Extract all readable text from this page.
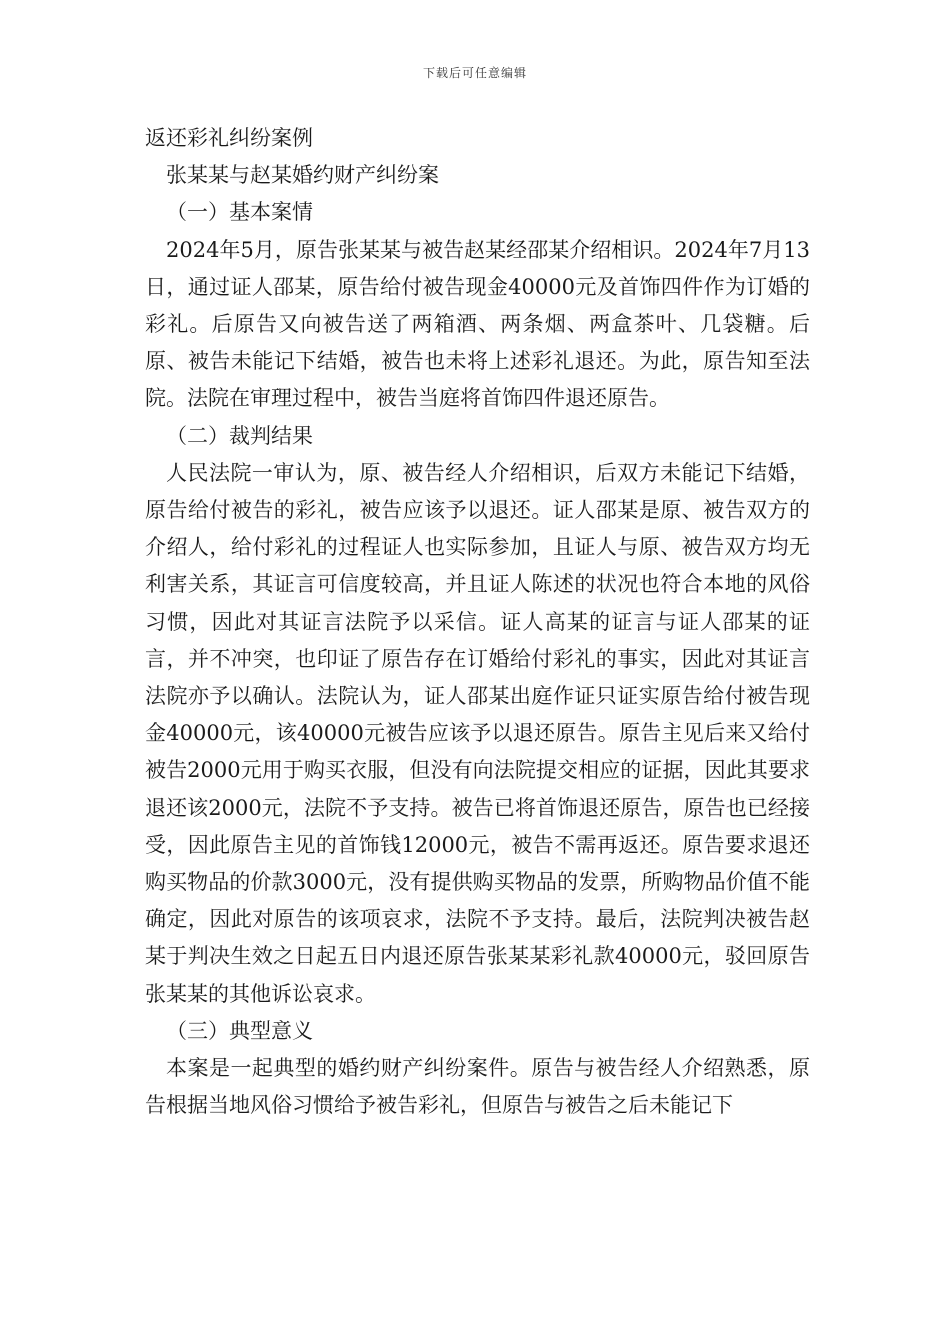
下载后可任意编辑

返还彩礼纠纷案例

张某某与赵某婚约财产纠纷案

（一）基本案情

2024年5月，原告张某某与被告赵某经邵某介绍相识。2024年7月13日，通过证人邵某，原告给付被告现金40000元及首饰四件作为订婚的彩礼。后原告又向被告送了两箱酒、两条烟、两盒茶叶、几袋糖。后原、被告未能记下结婚，被告也未将上述彩礼退还。为此，原告知至法院。法院在审理过程中，被告当庭将首饰四件退还原告。

（二）裁判结果

人民法院一审认为，原、被告经人介绍相识，后双方未能记下结婚，原告给付被告的彩礼，被告应该予以退还。证人邵某是原、被告双方的介绍人，给付彩礼的过程证人也实际参加，且证人与原、被告双方均无利害关系，其证言可信度较高，并且证人陈述的状况也符合本地的风俗习惯，因此对其证言法院予以采信。证人高某的证言与证人邵某的证言，并不冲突，也印证了原告存在订婚给付彩礼的事实，因此对其证言法院亦予以确认。法院认为，证人邵某出庭作证只证实原告给付被告现金40000元，该40000元被告应该予以退还原告。原告主见后来又给付被告2000元用于购买衣服，但没有向法院提交相应的证据，因此其要求退还该2000元，法院不予支持。被告已将首饰退还原告，原告也已经接受，因此原告主见的首饰钱12000元，被告不需再返还。原告要求退还购买物品的价款3000元，没有提供购买物品的发票，所购物品价值不能确定，因此对原告的该项哀求，法院不予支持。最后，法院判决被告赵某于判决生效之日起五日内退还原告张某某彩礼款40000元，驳回原告张某某的其他诉讼哀求。

（三）典型意义

本案是一起典型的婚约财产纠纷案件。原告与被告经人介绍熟悉，原告根据当地风俗习惯给予被告彩礼，但原告与被告之后未能记下
